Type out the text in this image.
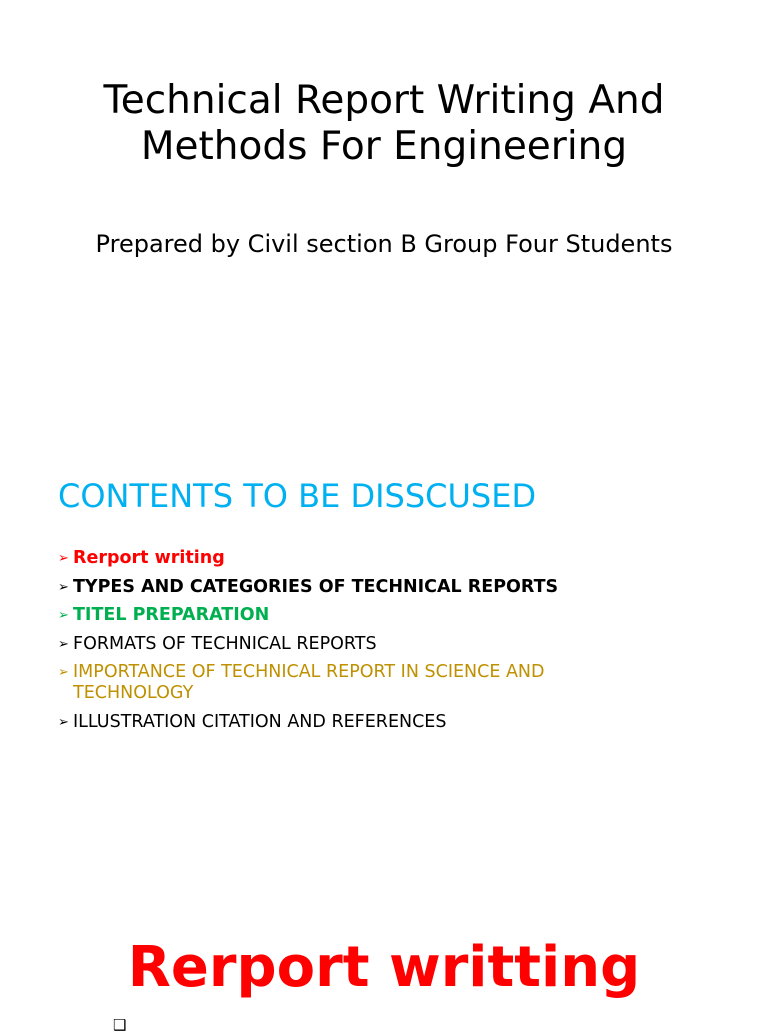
Technical Report Writing And Methods For Engineering

Prepared by Civil section B Group Four Students

CONTENTS TO BE DISSCUSED
➢ Rerport writing
➢ TYPES AND CATEGORIES OF TECHNICAL REPORTS
➢ TITEL PREPARATION
➢ FORMATS OF TECHNICAL REPORTS
➢ IMPORTANCE OF TECHNICAL REPORT IN SCIENCE AND TECHNOLOGY
➢ ILLUSTRATION CITATION AND REFERENCES
Rerport writting
❑
